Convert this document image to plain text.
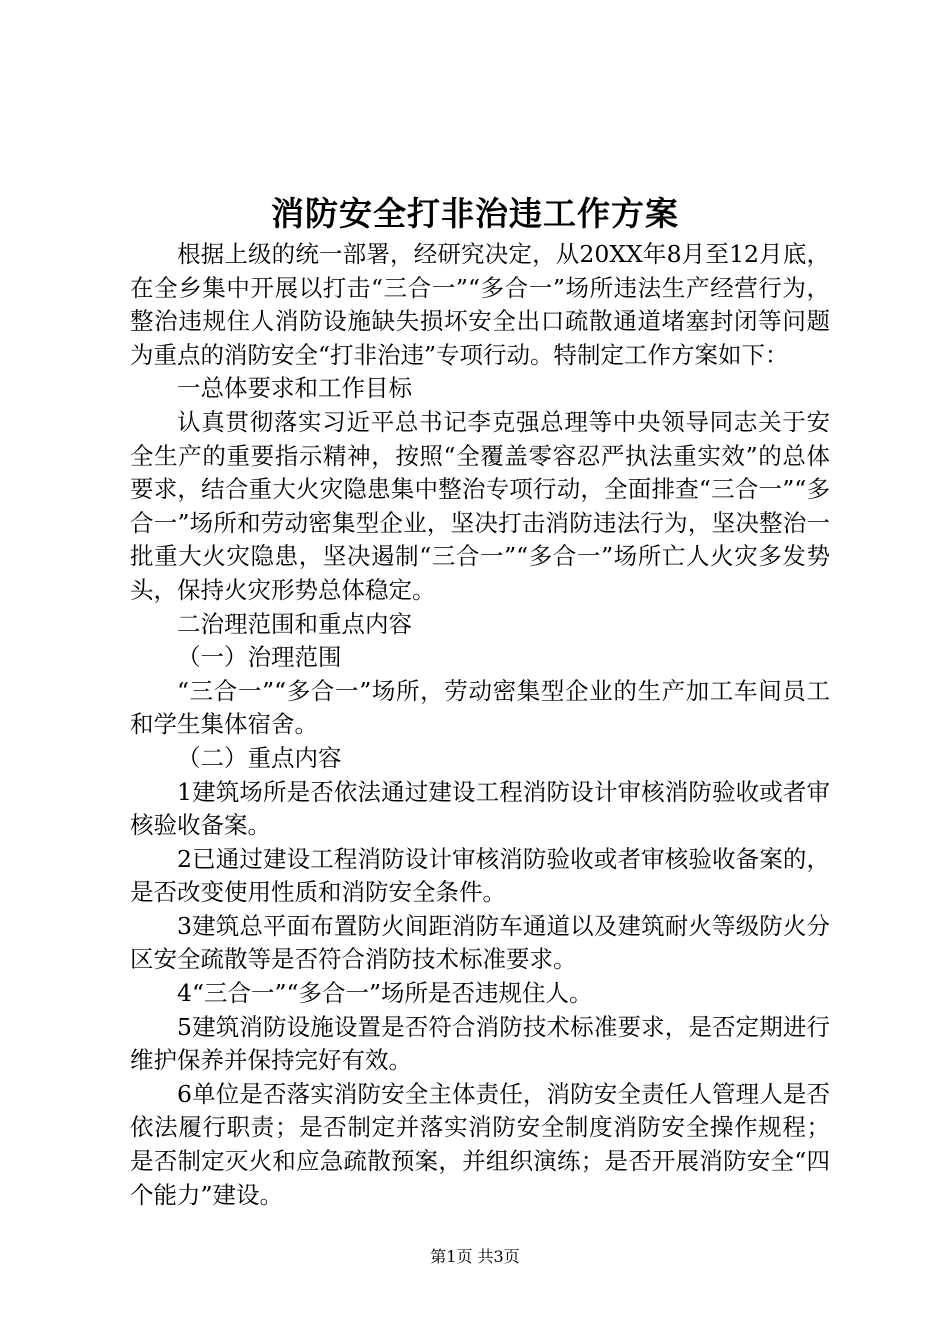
消防安全打非治违工作方案

根据上级的统一部署，经研究决定，从20XX年8月至12月底，在全乡集中开展以打击“三合一”“多合一”场所违法生产经营行为，整治违规住人消防设施缺失损坏安全出口疏散通道堵塞封闭等问题为重点的消防安全“打非治违”专项行动。特制定工作方案如下：

一总体要求和工作目标

认真贯彻落实习近平总书记李克强总理等中央领导同志关于安全生产的重要指示精神，按照“全覆盖零容忍严执法重实效”的总体要求，结合重大火灾隐患集中整治专项行动，全面排查“三合一”“多合一”场所和劳动密集型企业，坚决打击消防违法行为，坚决整治一批重大火灾隐患，坚决遏制“三合一”“多合一”场所亡人火灾多发势头，保持火灾形势总体稳定。

二治理范围和重点内容

（一）治理范围

“三合一”“多合一”场所，劳动密集型企业的生产加工车间员工和学生集体宿舍。

（二）重点内容

1建筑场所是否依法通过建设工程消防设计审核消防验收或者审核验收备案。

2已通过建设工程消防设计审核消防验收或者审核验收备案的，是否改变使用性质和消防安全条件。

3建筑总平面布置防火间距消防车通道以及建筑耐火等级防火分区安全疏散等是否符合消防技术标准要求。

4“三合一”“多合一”场所是否违规住人。

5建筑消防设施设置是否符合消防技术标准要求，是否定期进行维护保养并保持完好有效。

6单位是否落实消防安全主体责任，消防安全责任人管理人是否依法履行职责；是否制定并落实消防安全制度消防安全操作规程；是否制定灭火和应急疏散预案，并组织演练；是否开展消防安全“四个能力”建设。

第1页 共3页
